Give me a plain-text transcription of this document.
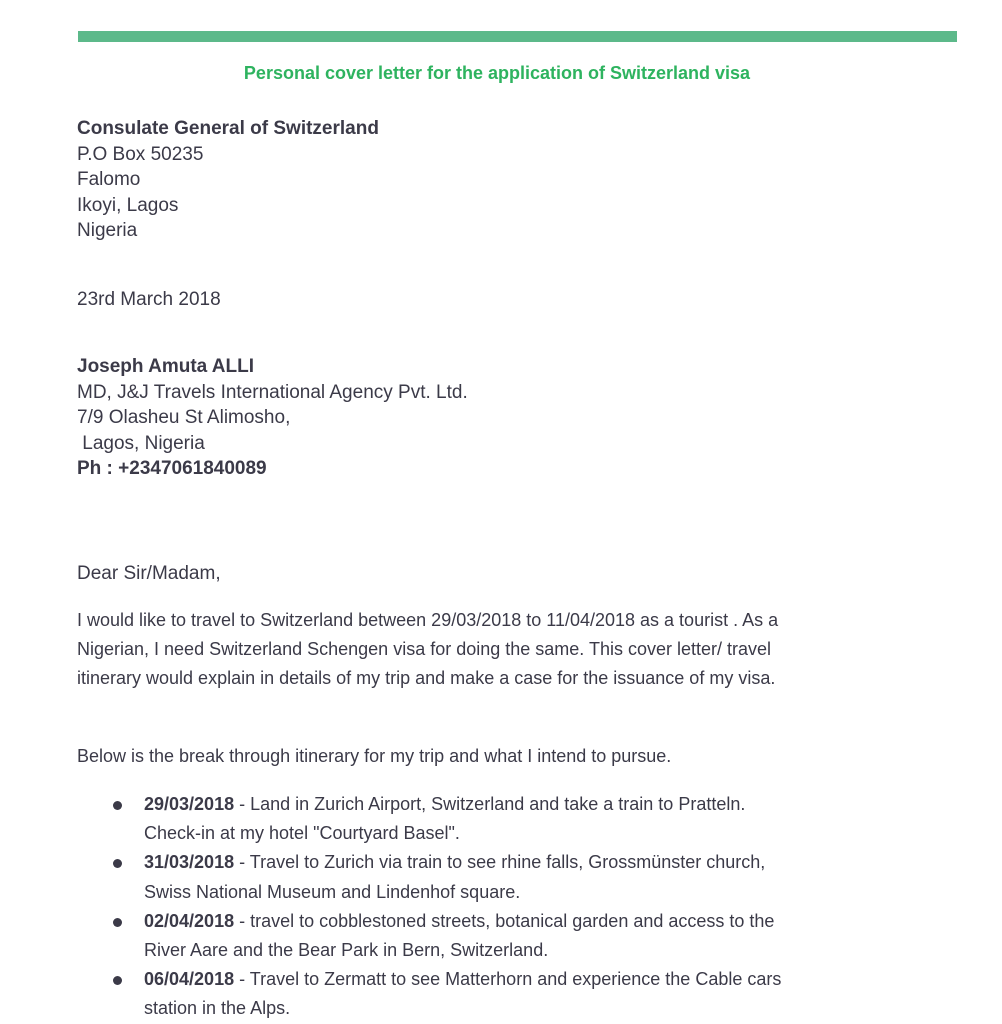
Personal cover letter for the application of Switzerland visa
Consulate General of Switzerland
P.O Box 50235
Falomo
Ikoyi, Lagos
Nigeria
23rd March 2018
Joseph Amuta ALLI
MD, J&J Travels International Agency Pvt. Ltd.
7/9 Olasheu St Alimosho,
Lagos, Nigeria
Ph : +2347061840089
Dear Sir/Madam,
I would like to travel to Switzerland between 29/03/2018 to 11/04/2018 as a tourist . As a Nigerian, I need Switzerland Schengen visa for doing the same. This cover letter/ travel itinerary would explain in details of my trip and make a case for the issuance of my visa.
Below is the break through itinerary for my trip and what I intend to pursue.
29/03/2018 - Land in Zurich Airport, Switzerland and take a train to Pratteln. Check-in at my hotel "Courtyard Basel".
31/03/2018 - Travel to Zurich via train to see rhine falls, Grossmünster church, Swiss National Museum and Lindenhof square.
02/04/2018 - travel to cobblestoned streets, botanical garden and access to the River Aare and the Bear Park in Bern, Switzerland.
06/04/2018 - Travel to Zermatt to see Matterhorn and experience the Cable cars station in the Alps.
